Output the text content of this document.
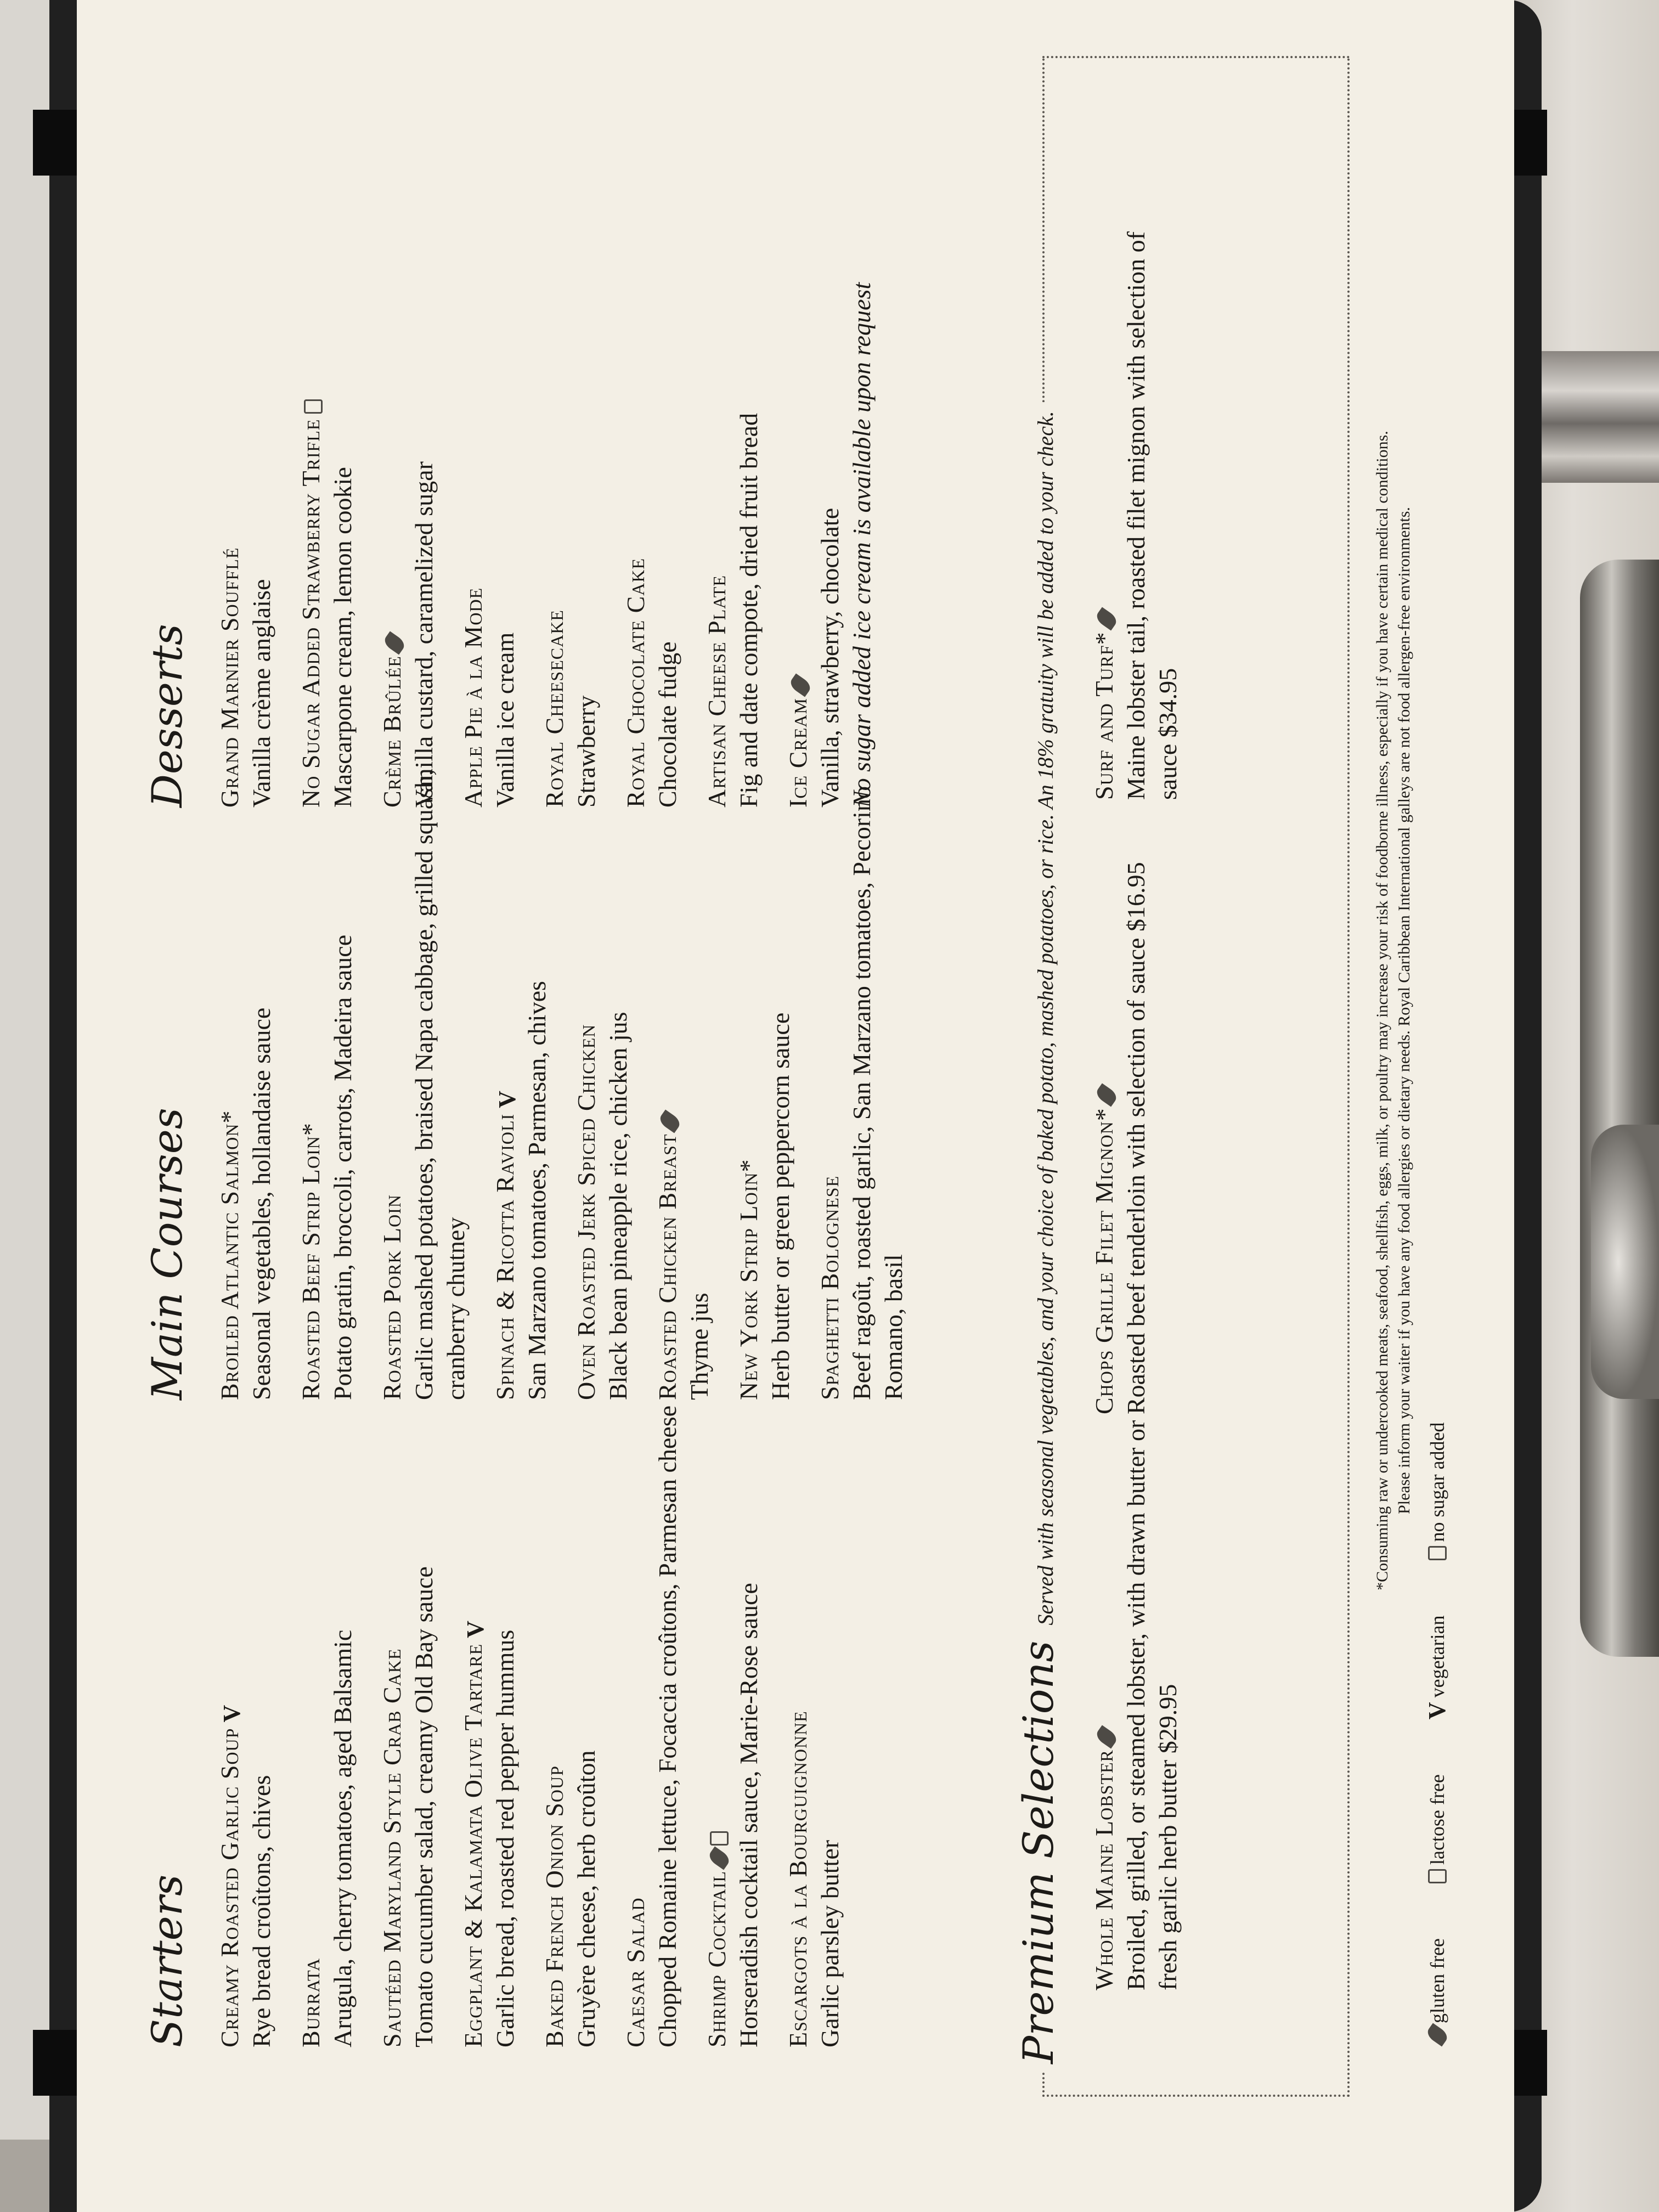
Starters Creamy Roasted Garlic SoupV
Rye bread croûtons, chives Burrata Arugula, cherry tomatoes, aged Balsamic Sautéed Maryland Style Crab Cake Tomato cucumber salad, creamy Old Bay sauce Eggplant & Kalamata Olive TartareV
Garlic bread, roasted red pepper hummus Baked French Onion Soup Gruyère cheese, herb croûton Caesar Salad Chopped Romaine lettuce, Focaccia croûtons, Parmesan cheese Shrimp Cocktail Horseradish cocktail sauce, Marie-Rose sauce Escargots à la Bourguignonne Garlic parsley butter
Main Courses Broiled Atlantic Salmon* Seasonal vegetables, hollandaise sauce Roasted Beef Strip Loin* Potato gratin, broccoli, carrots, Madeira sauce Roasted Pork Loin Garlic mashed potatoes, braised Napa cabbage, grilled squash, cranberry chutney Spinach & Ricotta RavioliV San Marzano tomatoes, Parmesan, chives Oven Roasted Jerk Spiced Chicken Black bean pineapple rice, chicken jus Roasted Chicken Breast Thyme jus New York Strip Loin* Herb butter or green peppercorn sauce Spaghetti Bolognese Beef ragoût, roasted garlic, San Marzano tomatoes, Pecorino Romano, basil
Desserts Grand Marnier Soufflé Vanilla crème anglaise No Sugar Added Strawberry Trifle Mascarpone cream, lemon cookie Crème Brûlée Vanilla custard, caramelized sugar Apple Pie à la Mode Vanilla ice cream Royal Cheesecake Strawberry Royal Chocolate Cake Chocolate fudge Artisan Cheese Plate Fig and date compote, dried fruit bread Ice Cream Vanilla, strawberry, chocolate No sugar added ice cream is available upon request
Premium Selections Served with seasonal vegetables, and your choice of baked potato, mashed potatoes, or rice. An 18% gratuity will be added to your check.
Whole Maine Lobster Broiled, grilled, or steamed lobster, with drawn butter or fresh garlic herb butter $29.95
Chops Grille Filet Mignon* Roasted beef tenderloin with selection of sauce $16.95
Surf and Turf* Maine lobster tail, roasted filet mignon with selection of sauce $34.95
gluten free
lactose free
V
vegetarian
no sugar added
*Consuming raw or undercooked meats, seafood, shellfish, eggs, milk, or poultry may increase your risk of foodborne illness, especially if you have certain medical conditions. Please inform your waiter if you have any food allergies or dietary needs. Royal Caribbean International galleys are not food allergen-free environments.
